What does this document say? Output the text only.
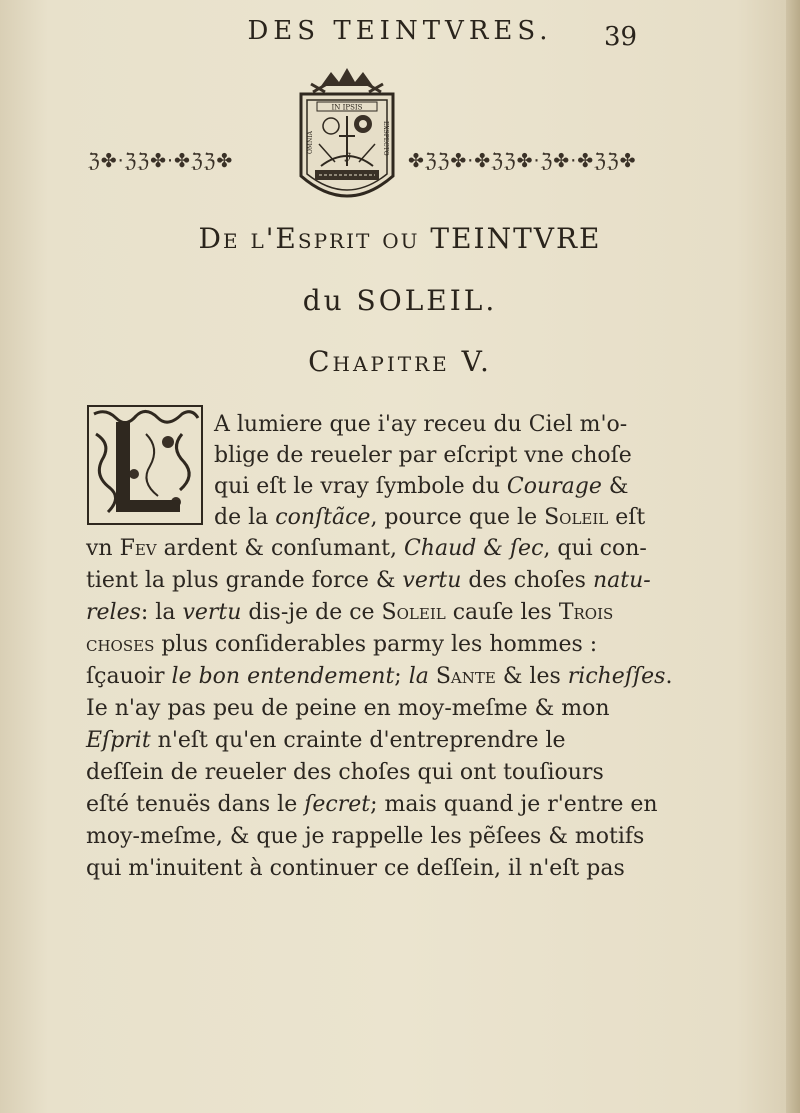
DES TEINTVRES.	39
ℨ✤·ℨℨ✤·✤ℨℨ✤	✤ℨℨ✤·✤ℨℨ✤·ℨ✤·✤ℨℨ✤
IN IPSIS
OMNIA	EXSPECTO
ℨ
De l'Esprit ou TEINTVRE
du SOLEIL.
Chapitre V.
A lumiere que i'ay receu du Ciel m'o-
blige de reueler par eſcript vne choſe
qui eſt le vray ſymbole du Courage &
de la conſtãce, pource que le Soleil eſt
vn Fev ardent & conſumant, Chaud & ſec, qui con-
tient la plus grande force & vertu des choſes natu-
reles: la vertu dis-je de ce Soleil cauſe les Trois
choses plus conſiderables parmy les hommes :
ſçauoir le bon entendement; la Sante & les richeſſes.
Ie n'ay pas peu de peine en moy-meſme & mon
Eſprit n'eſt qu'en crainte d'entreprendre le
deſſein de reueler des choſes qui ont touſiours
eſté tenuës dans le ſecret; mais quand je r'entre en
moy-meſme, & que je rappelle les pẽſees & motifs
qui m'inuitent à continuer ce deſſein, il n'eſt pas
